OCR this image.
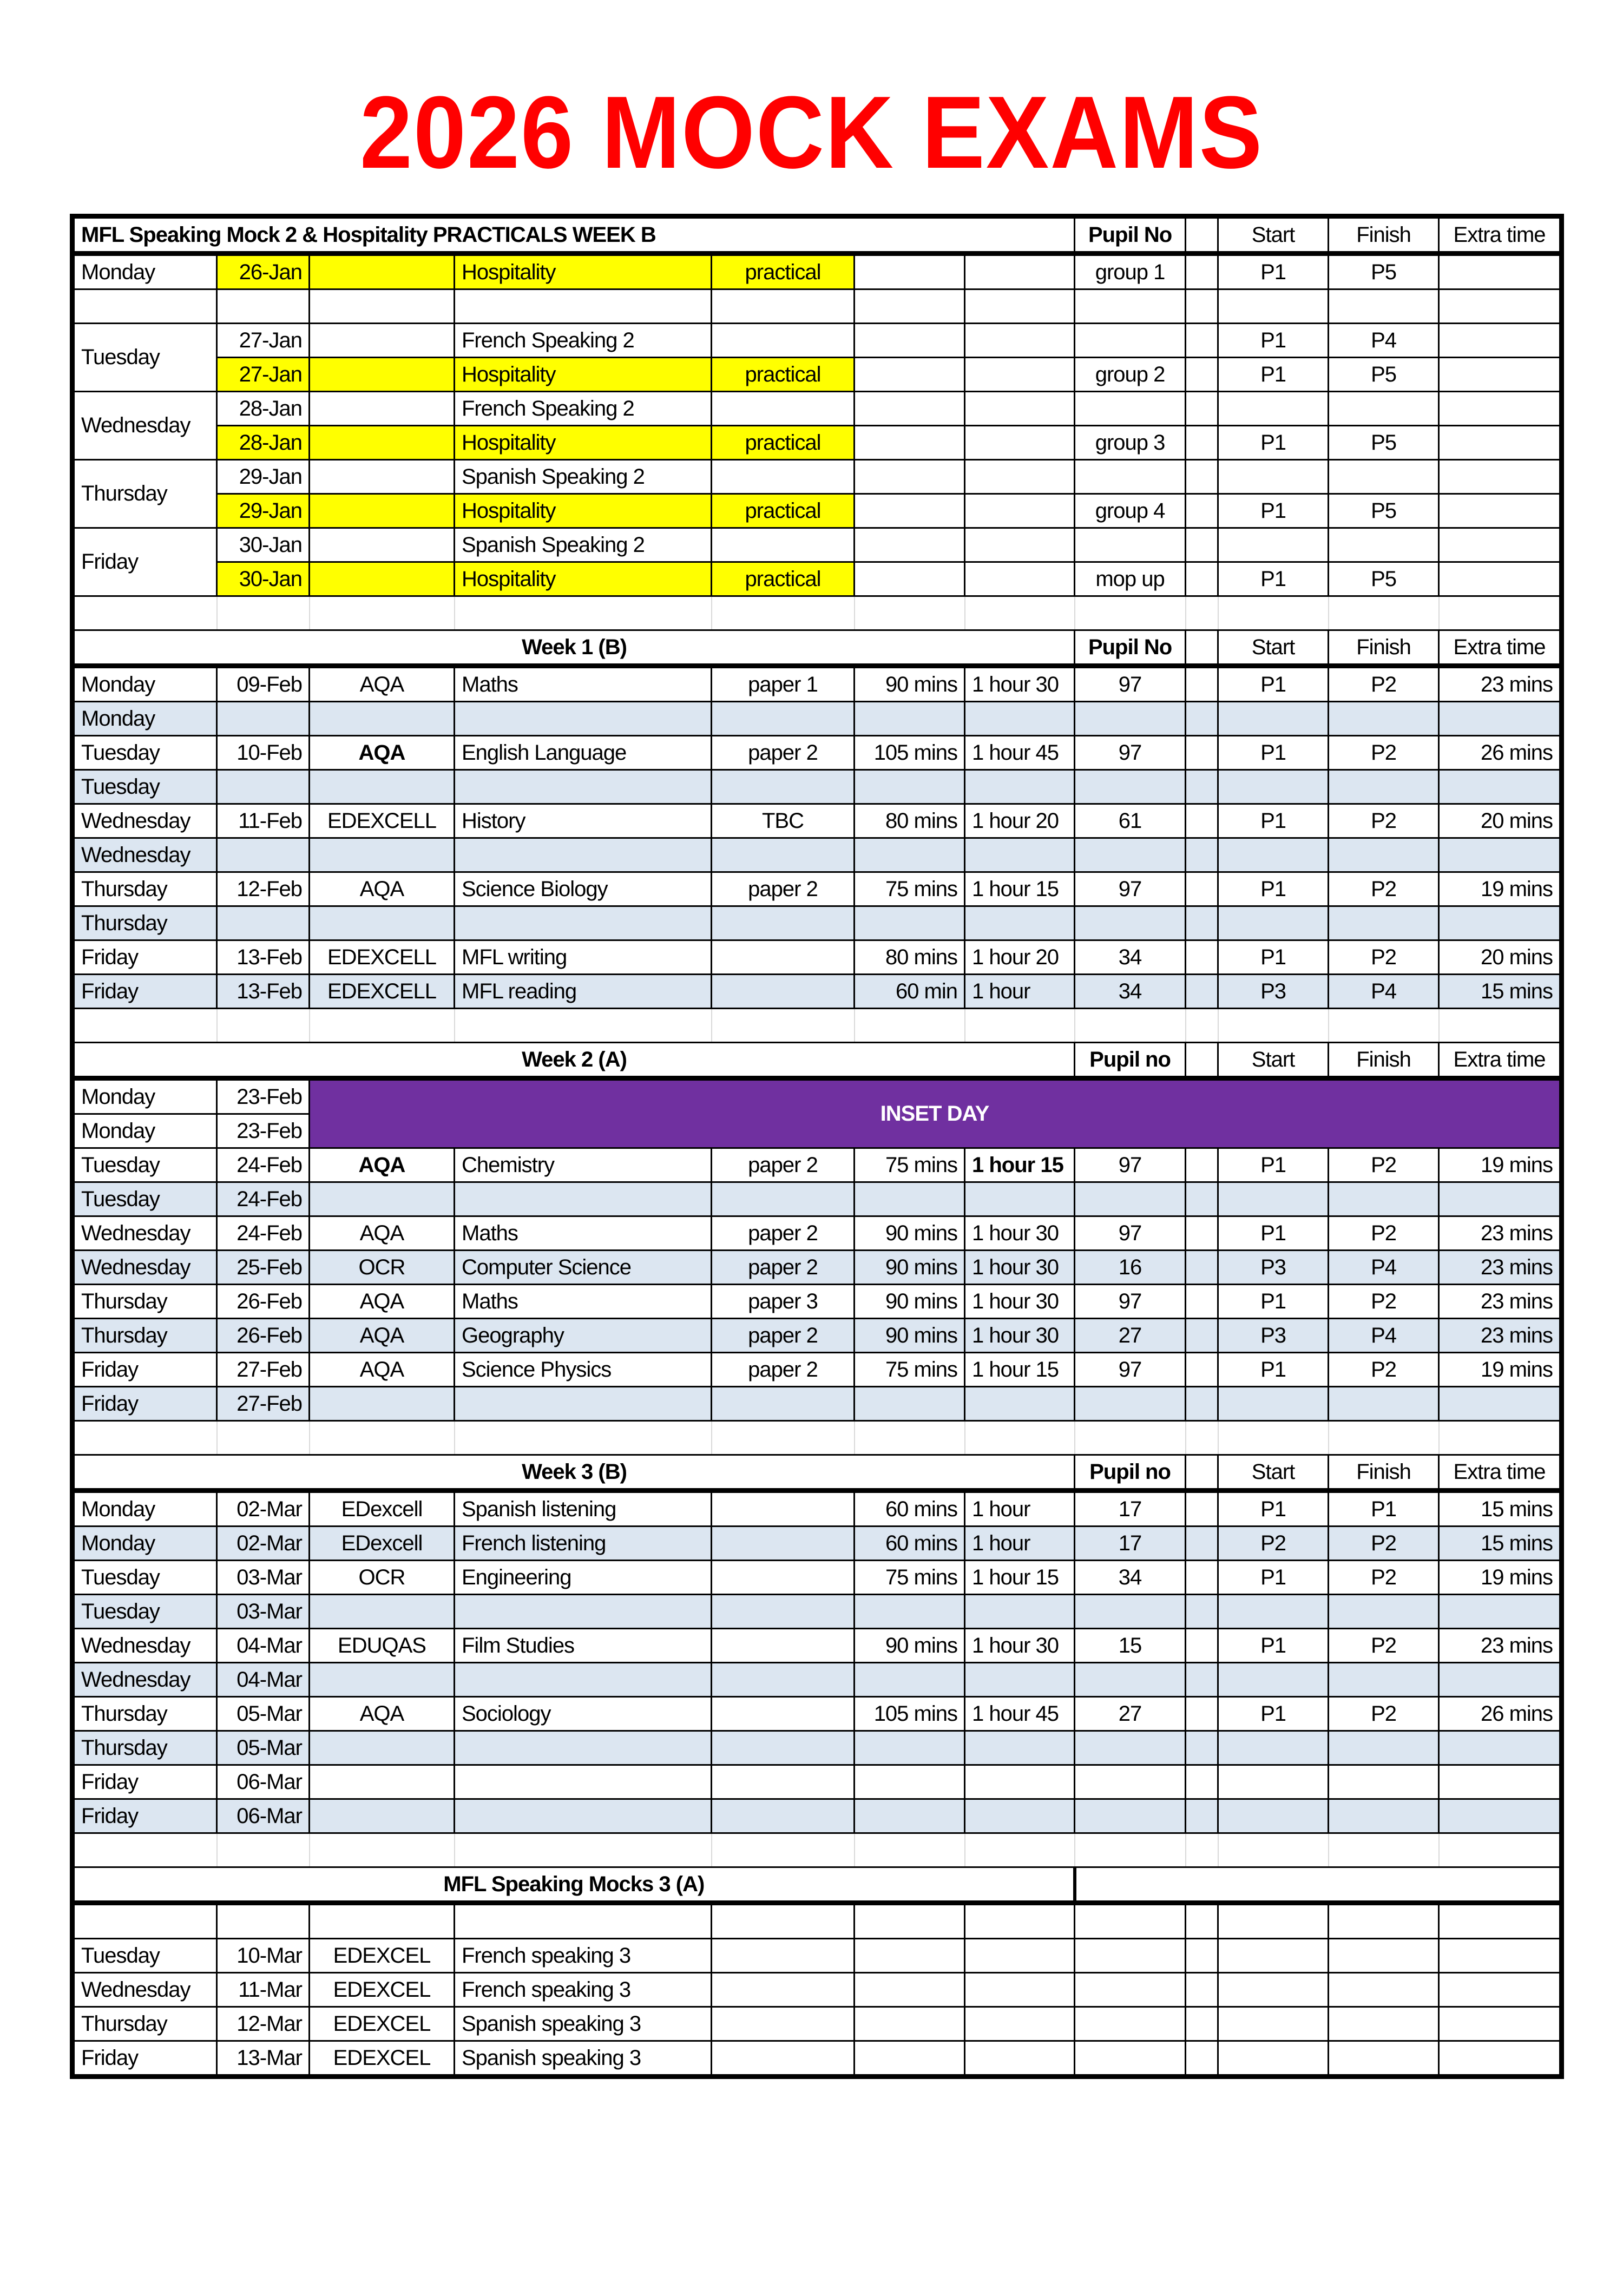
2026 MOCK EXAMS
MFL Speaking Mock 2 & Hospitality PRACTICALS WEEK B							Pupil No		Start	Finish	Extra time
Monday	26-Jan		Hospitality	practical			group 1		P1	P5	

Tuesday	27-Jan		French Speaking 2						P1	P4	
	27-Jan		Hospitality	practical			group 2		P1	P5	
Wednesday	28-Jan		French Speaking 2								
	28-Jan		Hospitality	practical			group 3		P1	P5	
Thursday	29-Jan		Spanish Speaking 2								
	29-Jan		Hospitality	practical			group 4		P1	P5	
Friday	30-Jan		Spanish Speaking 2								
	30-Jan		Hospitality	practical			mop up		P1	P5	

Week 1 (B)							Pupil No		Start	Finish	Extra time
Monday	09-Feb	AQA	Maths	paper 1	90 mins	1 hour 30	97		P1	P2	23 mins
Monday											
Tuesday	10-Feb	AQA	English Language	paper 2	105 mins	1 hour 45	97		P1	P2	26 mins
Tuesday											
Wednesday	11-Feb	EDEXCELL	History	TBC	80 mins	1 hour 20	61		P1	P2	20 mins
Wednesday											
Thursday	12-Feb	AQA	Science Biology	paper 2	75 mins	1 hour 15	97		P1	P2	19 mins
Thursday											
Friday	13-Feb	EDEXCELL	MFL writing		80 mins	1 hour 20	34		P1	P2	20 mins
Friday	13-Feb	EDEXCELL	MFL reading		60 min	1 hour	34		P3	P4	15 mins

Week 2 (A)							Pupil no		Start	Finish	Extra time
Monday	23-Feb	INSET DAY									
Monday	23-Feb										
Tuesday	24-Feb	AQA	Chemistry	paper 2	75 mins	1 hour 15	97		P1	P2	19 mins
Tuesday	24-Feb										
Wednesday	24-Feb	AQA	Maths	paper 2	90 mins	1 hour 30	97		P1	P2	23 mins
Wednesday	25-Feb	OCR	Computer Science	paper 2	90 mins	1 hour 30	16		P3	P4	23 mins
Thursday	26-Feb	AQA	Maths	paper 3	90 mins	1 hour 30	97		P1	P2	23 mins
Thursday	26-Feb	AQA	Geography	paper 2	90 mins	1 hour 30	27		P3	P4	23 mins
Friday	27-Feb	AQA	Science Physics	paper 2	75 mins	1 hour 15	97		P1	P2	19 mins
Friday	27-Feb										

Week 3 (B)							Pupil no		Start	Finish	Extra time
Monday	02-Mar	EDexcell	Spanish listening		60 mins	1 hour	17		P1	P1	15 mins
Monday	02-Mar	EDexcell	French listening		60 mins	1 hour	17		P2	P2	15 mins
Tuesday	03-Mar	OCR	Engineering		75 mins	1 hour 15	34		P1	P2	19 mins
Tuesday	03-Mar										
Wednesday	04-Mar	EDUQAS	Film Studies		90 mins	1 hour 30	15		P1	P2	23 mins
Wednesday	04-Mar										
Thursday	05-Mar	AQA	Sociology		105 mins	1 hour 45	27		P1	P2	26 mins
Thursday	05-Mar										
Friday	06-Mar										
Friday	06-Mar										

MFL Speaking Mocks 3 (A)											

Tuesday	10-Mar	EDEXCEL	French speaking 3								
Wednesday	11-Mar	EDEXCEL	French speaking 3								
Thursday	12-Mar	EDEXCEL	Spanish speaking 3								
Friday	13-Mar	EDEXCEL	Spanish speaking 3								
